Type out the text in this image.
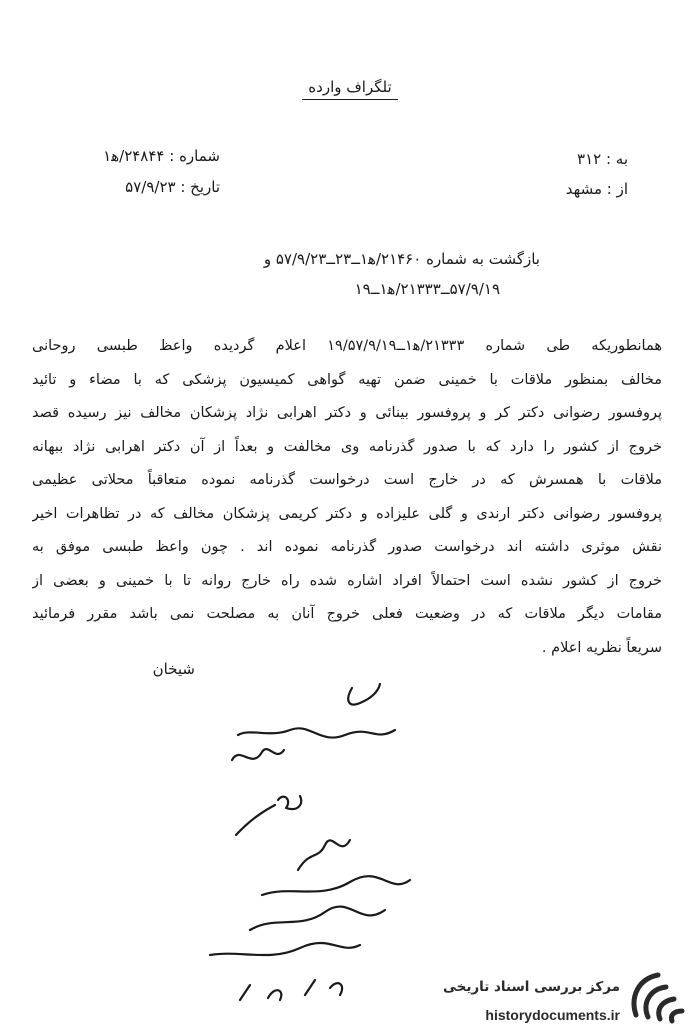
تلگراف وارده
به : ۳۱۲
از : مشهد
شماره : ۲۴۸۴۴/ه‍۱
تاریخ : ۵۷/۹/۲۳
بازگشت به شماره ۲۱۴۶۰/ه‍۱ــ۲۳ــ۵۷/۹/۲۳ و
۵۷/۹/۱۹ــ۲۱۳۳۳/ه‍۱ــ۱۹

همانطوریکه طی شماره ۲۱۳۳۳/ه‍۱ــ۱۹/۵۷/۹/۱۹ اعلام گردیده واعظ طبسی روحانی

مخالف بمنظور ملاقات با خمینی ضمن تهیه گواهی کمیسیون پزشکی که با مضاء و تائید

پروفسور رضوانی دکتر کر و پروفسور بینائی و دکتر اهرابی نژاد پزشکان مخالف نیز رسیده قصد

خروج از کشور را دارد که با صدور گذرنامه وی مخالفت و بعداً از آن دکتر اهرابی نژاد ببهانه

ملاقات با همسرش که در خارج است درخواست گذرنامه نموده متعاقباً محلاتی عظیمی

پروفسور رضوانی دکتر ارندی و گلی علیزاده و دکتر کریمی پزشکان مخالف که در تظاهرات اخیر

نقش موثری داشته اند درخواست صدور گذرنامه نموده اند . چون واعظ طبسی موفق به

خروج از کشور نشده است احتمالاً افراد اشاره شده راه خارج روانه تا با خمینی و بعضی از

مقامات دیگر ملاقات که در وضعیت فعلی خروج آنان به مصلحت نمی باشد مقرر فرمائید

سریعاً نظریه اعلام .

شیخان
مرکز بررسی اسناد تاریخی
historydocuments.ir
